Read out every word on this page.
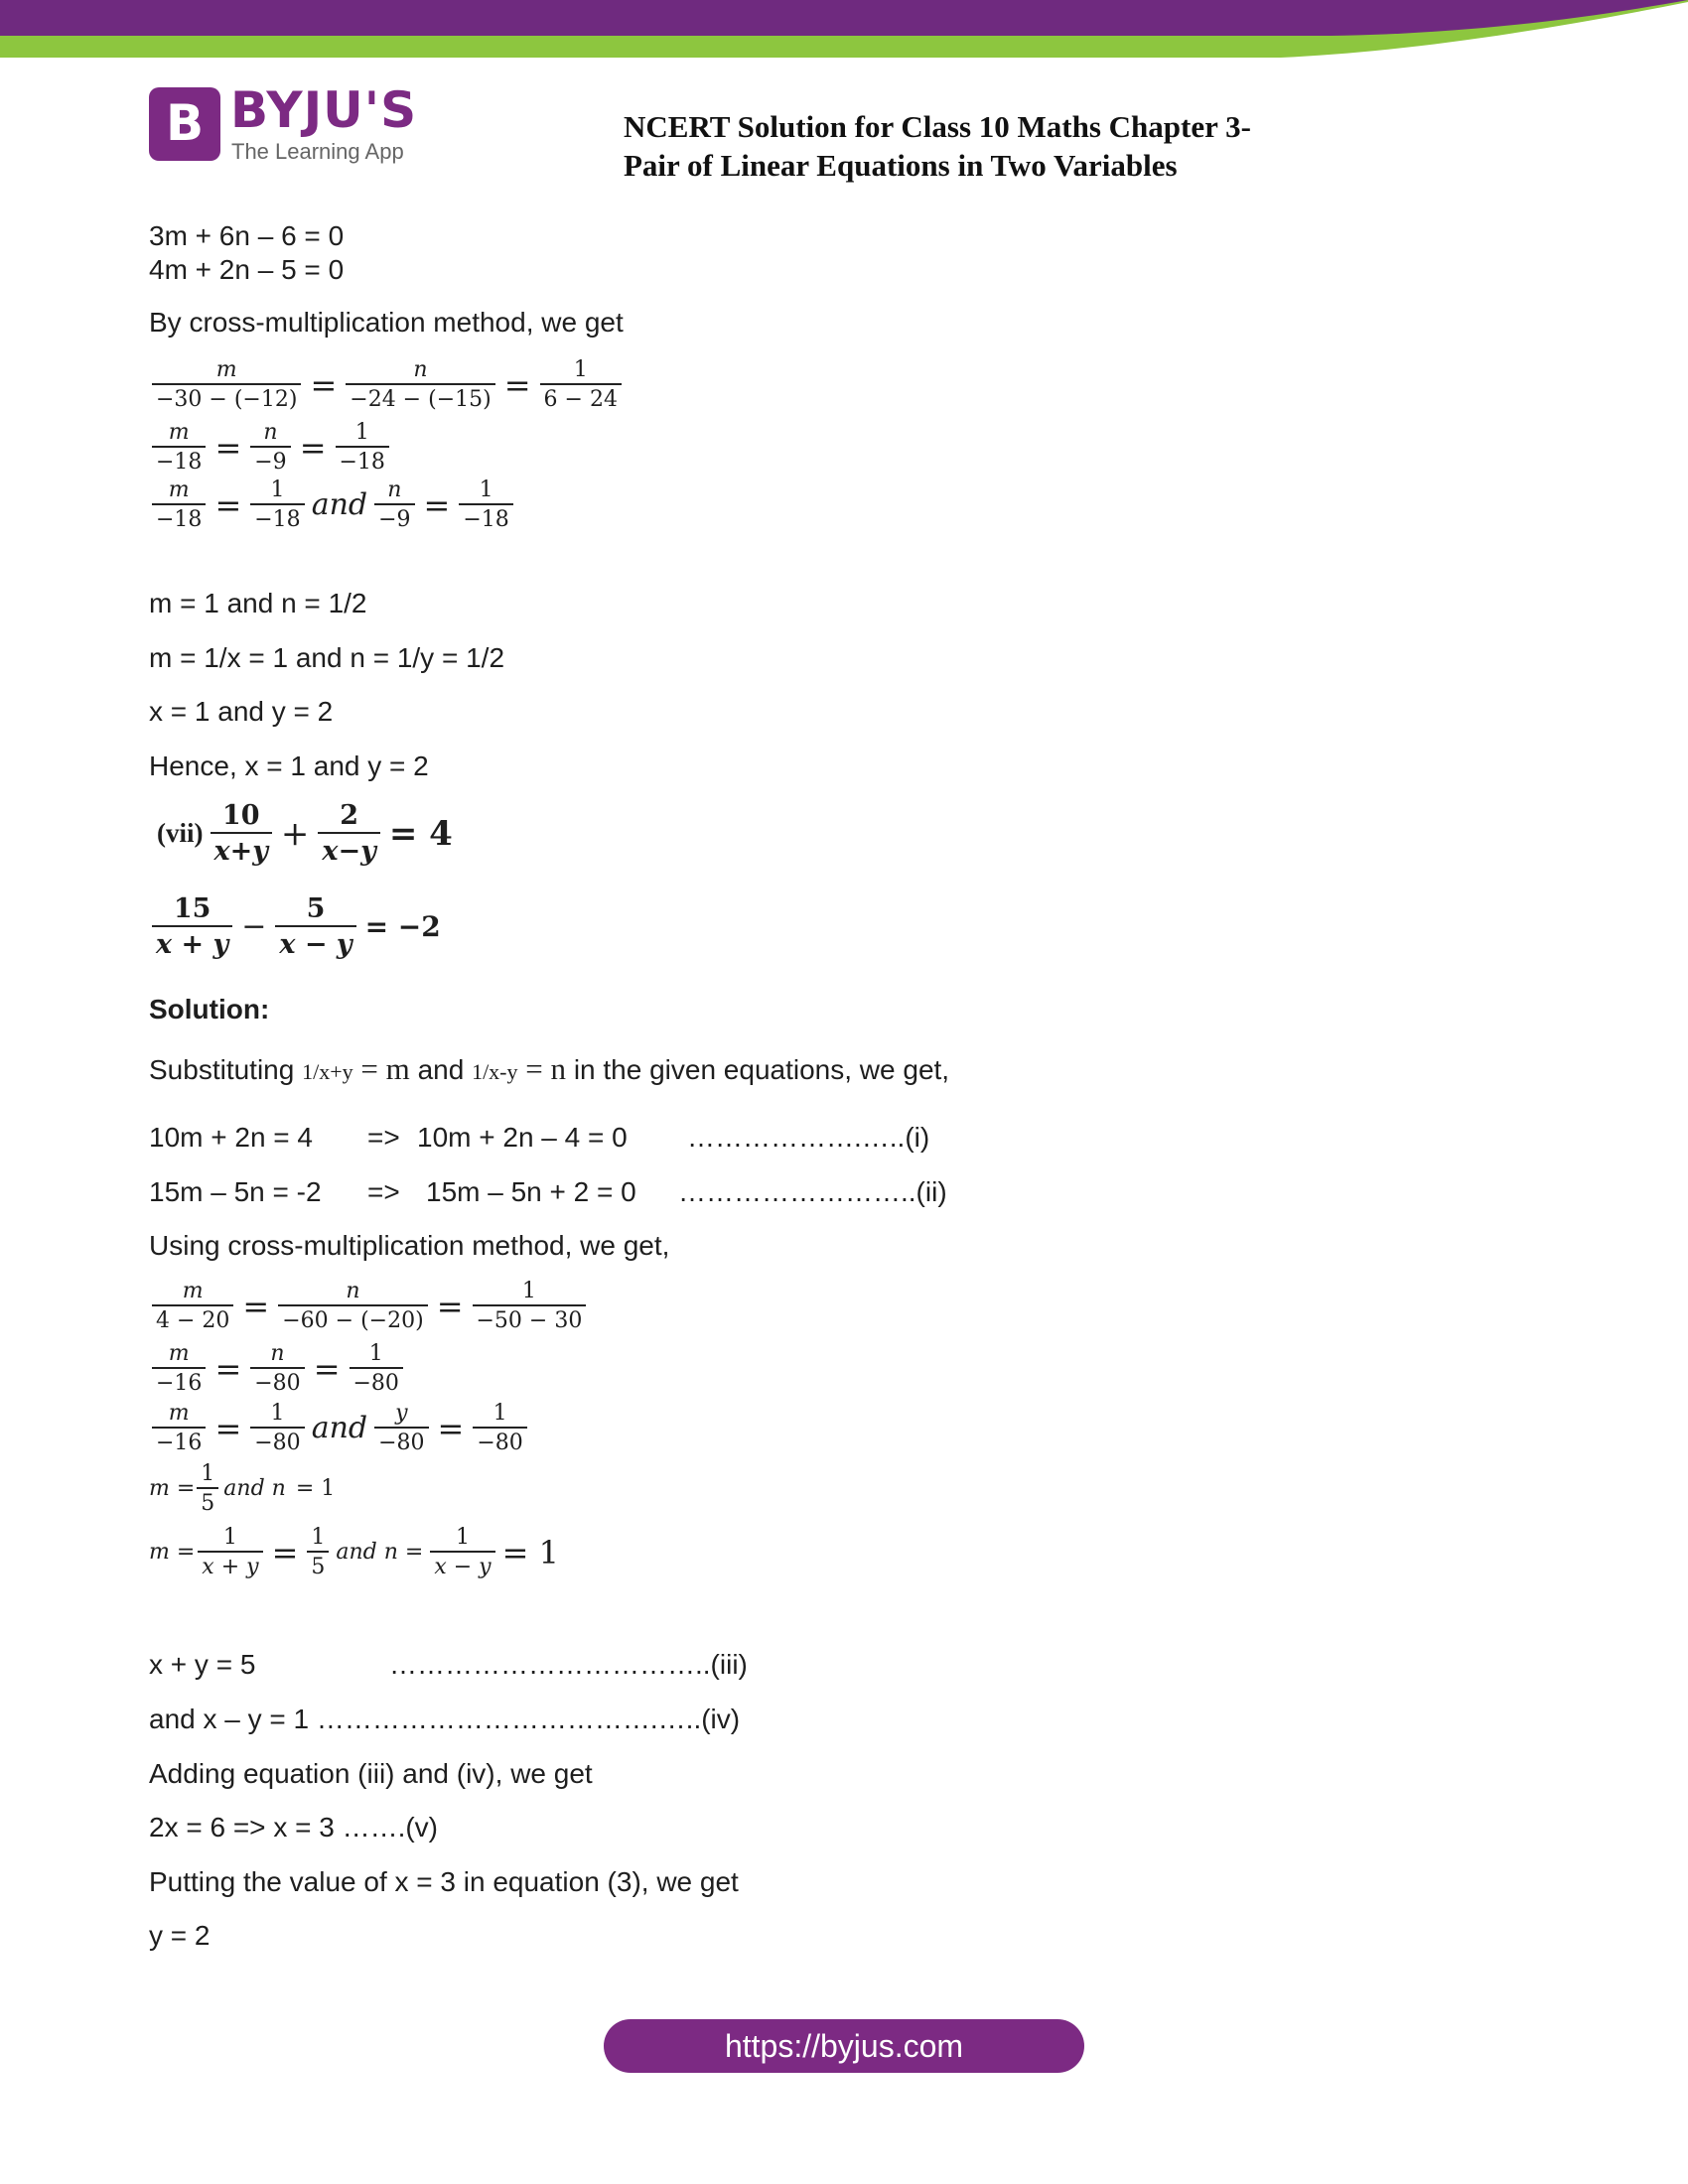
B BYJU'S
The Learning App
NCERT Solution for Class 10 Maths Chapter 3-
Pair of Linear Equations in Two Variables
3m + 6n – 6 = 0
4m + 2n – 5 = 0
By cross-multiplication method, we get
$\frac{m}{-30 - (-12)} = \frac{n}{-24 - (-15)} = \frac{1}{6 - 24}$
$\frac{m}{-18} = \frac{n}{-9} = \frac{1}{-18}$
$\frac{m}{-18} = \frac{1}{-18}$ and $\frac{n}{-9} = \frac{1}{-18}$
m = 1 and n = 1/2
m = 1/x = 1 and n = 1/y = 1/2
x = 1 and y = 2
Hence, x = 1 and y = 2
(vii)
10
$x+y + \frac{2}{x-y} = 4$
15
x + y
− $\frac{5}{x - y} = -2$
Solution:
Substituting 1/x+y = m and 1/x-y = n in the given equations, we get,
10m + 2n = 4 => 10m + 2n – 4 = 0 ……………….…..(i)
15m – 5n = -2 => 15m – 5n + 2 = 0 ……………………..(ii)
Using cross-multiplication method, we get,
$\frac{m}{4 - 20} = \frac{n}{-60 - (-20)} = \frac{1}{-50 - 30}$
$\frac{m}{-16} = \frac{n}{-80} = \frac{1}{-80}$
$\frac{m}{-16} = \frac{1}{-80}$ and $\frac{y}{-80} = \frac{1}{-80}$
$m = \frac{1}{5}$ and n = 1
$m = \frac{1}{x + y} = \frac{1}{5}$ and $n = \frac{1}{x - y} = 1$
x + y = 5	……………………………..(iii)
and x – y = 1 ……………………………….…..(iv)
Adding equation (iii) and (iv), we get
2x = 6 => x = 3 …….(v)
Putting the value of x = 3 in equation (3), we get
y = 2
https://byjus.com
